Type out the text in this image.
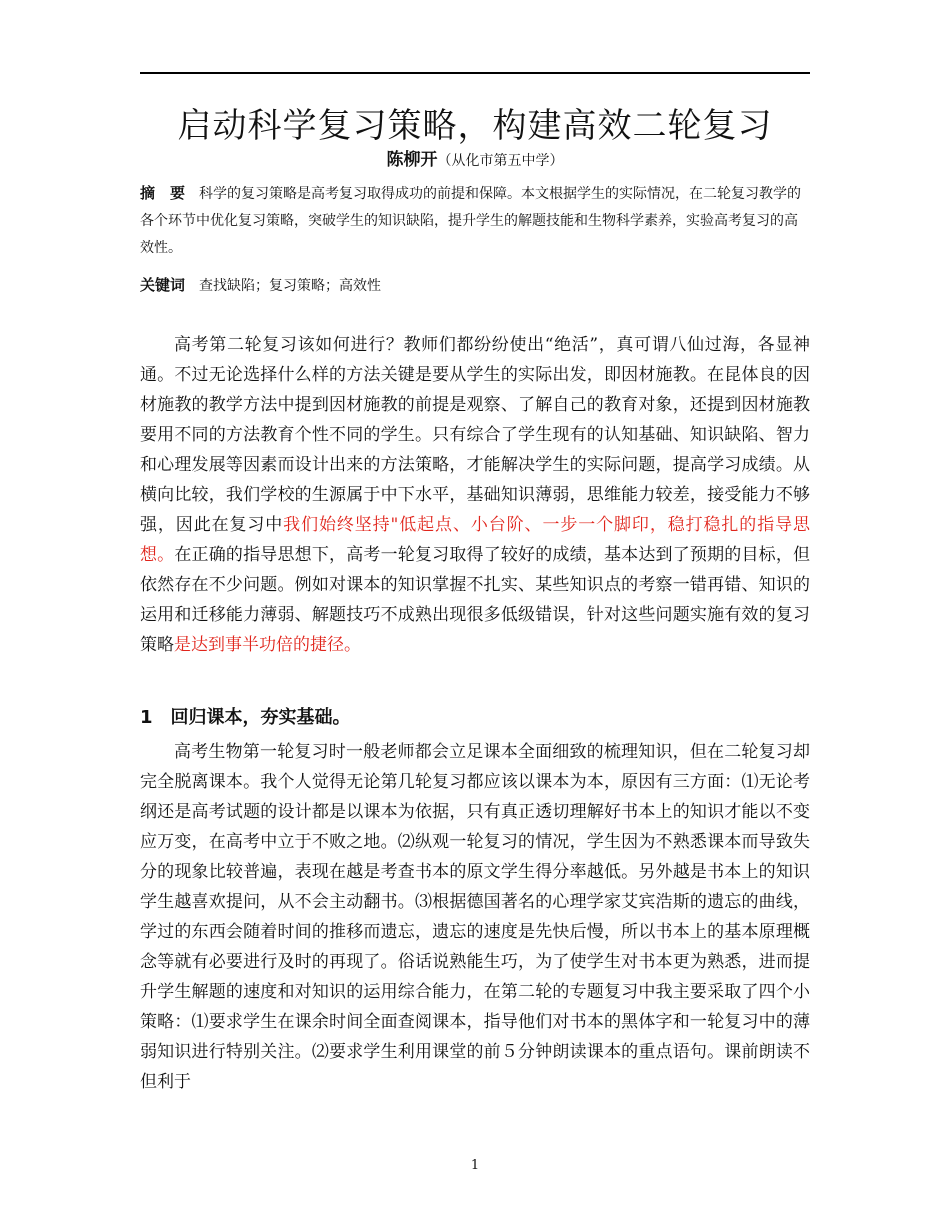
启动科学复习策略，构建高效二轮复习
陈柳开（从化市第五中学）
摘　要 科学的复习策略是高考复习取得成功的前提和保障。本文根据学生的实际情况，在二轮复习教学的各个环节中优化复习策略，突破学生的知识缺陷，提升学生的解题技能和生物科学素养，实验高考复习的高效性。
关键词 查找缺陷；复习策略；高效性

高考第二轮复习该如何进行？教师们都纷纷使出“绝活”，真可谓八仙过海，各显神通。不过无论选择什么样的方法关键是要从学生的实际出发，即因材施教。在昆体良的因材施教的教学方法中提到因材施教的前提是观察、了解自己的教育对象，还提到因材施教要用不同的方法教育个性不同的学生。只有综合了学生现有的认知基础、知识缺陷、智力和心理发展等因素而设计出来的方法策略，才能解决学生的实际问题，提高学习成绩。从横向比较，我们学校的生源属于中下水平，基础知识薄弱，思维能力较差，接受能力不够强，因此在复习中我们始终坚持"低起点、小台阶、一步一个脚印，稳打稳扎的指导思想。在正确的指导思想下，高考一轮复习取得了较好的成绩，基本达到了预期的目标，但依然存在不少问题。例如对课本的知识掌握不扎实、某些知识点的考察一错再错、知识的运用和迁移能力薄弱、解题技巧不成熟出现很多低级错误，针对这些问题实施有效的复习策略是达到事半功倍的捷径。

1　回归课本，夯实基础。

高考生物第一轮复习时一般老师都会立足课本全面细致的梳理知识，但在二轮复习却完全脱离课本。我个人觉得无论第几轮复习都应该以课本为本，原因有三方面：⑴无论考纲还是高考试题的设计都是以课本为依据，只有真正透切理解好书本上的知识才能以不变应万变，在高考中立于不败之地。⑵纵观一轮复习的情况，学生因为不熟悉课本而导致失分的现象比较普遍，表现在越是考查书本的原文学生得分率越低。另外越是书本上的知识学生越喜欢提问，从不会主动翻书。⑶根据德国著名的心理学家艾宾浩斯的遗忘的曲线，学过的东西会随着时间的推移而遗忘，遗忘的速度是先快后慢，所以书本上的基本原理概念等就有必要进行及时的再现了。俗话说熟能生巧，为了使学生对书本更为熟悉，进而提升学生解题的速度和对知识的运用综合能力，在第二轮的专题复习中我主要采取了四个小策略：⑴要求学生在课余时间全面查阅课本，指导他们对书本的黑体字和一轮复习中的薄弱知识进行特别关注。⑵要求学生利用课堂的前５分钟朗读课本的重点语句。课前朗读不但利于

1
